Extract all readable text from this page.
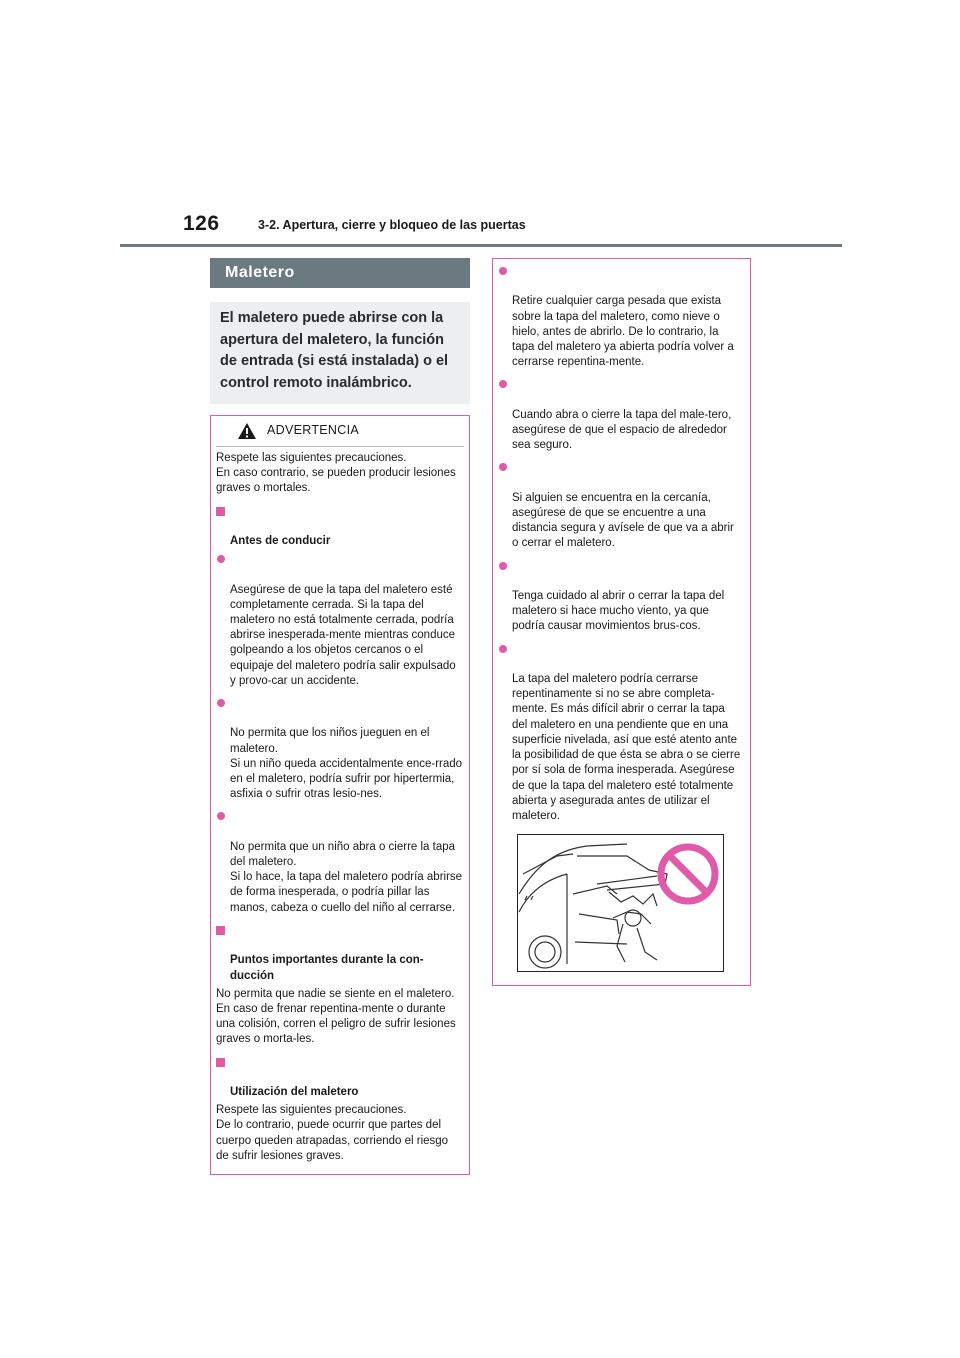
126	3-2. Apertura, cierre y bloqueo de las puertas
Maletero
El maletero puede abrirse con la apertura del maletero, la función de entrada (si está instalada) o el control remoto inalámbrico.
ADVERTENCIA
Respete las siguientes precauciones.
En caso contrario, se pueden producir lesiones graves o mortales.

Antes de conducir

Asegúrese de que la tapa del maletero esté completamente cerrada. Si la tapa del maletero no está totalmente cerrada, podría abrirse inesperada-mente mientras conduce golpeando a los objetos cercanos o el equipaje del maletero podría salir expulsado y provo-car un accidente.

No permita que los niños jueguen en el maletero.
Si un niño queda accidentalmente ence-rrado en el maletero, podría sufrir por hipertermia, asfixia o sufrir otras lesio-nes.

No permita que un niño abra o cierre la tapa del maletero.
Si lo hace, la tapa del maletero podría abrirse de forma inesperada, o podría pillar las manos, cabeza o cuello del niño al cerrarse.

Puntos importantes durante la con-
ducción

No permita que nadie se siente en el maletero. En caso de frenar repentina-mente o durante una colisión, corren el peligro de sufrir lesiones graves o morta-les.

Utilización del maletero

Respete las siguientes precauciones.
De lo contrario, puede ocurrir que partes del cuerpo queden atrapadas, corriendo el riesgo de sufrir lesiones graves.

Retire cualquier carga pesada que exista sobre la tapa del maletero, como nieve o hielo, antes de abrirlo. De lo contrario, la tapa del maletero ya abierta podría volver a cerrarse repentina-mente.

Cuando abra o cierre la tapa del male-tero, asegúrese de que el espacio de alrededor sea seguro.

Si alguien se encuentra en la cercanía, asegúrese de que se encuentre a una distancia segura y avísele de que va a abrir o cerrar el maletero.

Tenga cuidado al abrir o cerrar la tapa del maletero si hace mucho viento, ya que podría causar movimientos brus-cos.

La tapa del maletero podría cerrarse repentinamente si no se abre completa-mente. Es más difícil abrir o cerrar la tapa del maletero en una pendiente que en una superficie nivelada, así que esté atento ante la posibilidad de que ésta se abra o se cierre por sí sola de forma inesperada. Asegúrese de que la tapa del maletero esté totalmente abierta y asegurada antes de utilizar el maletero.
